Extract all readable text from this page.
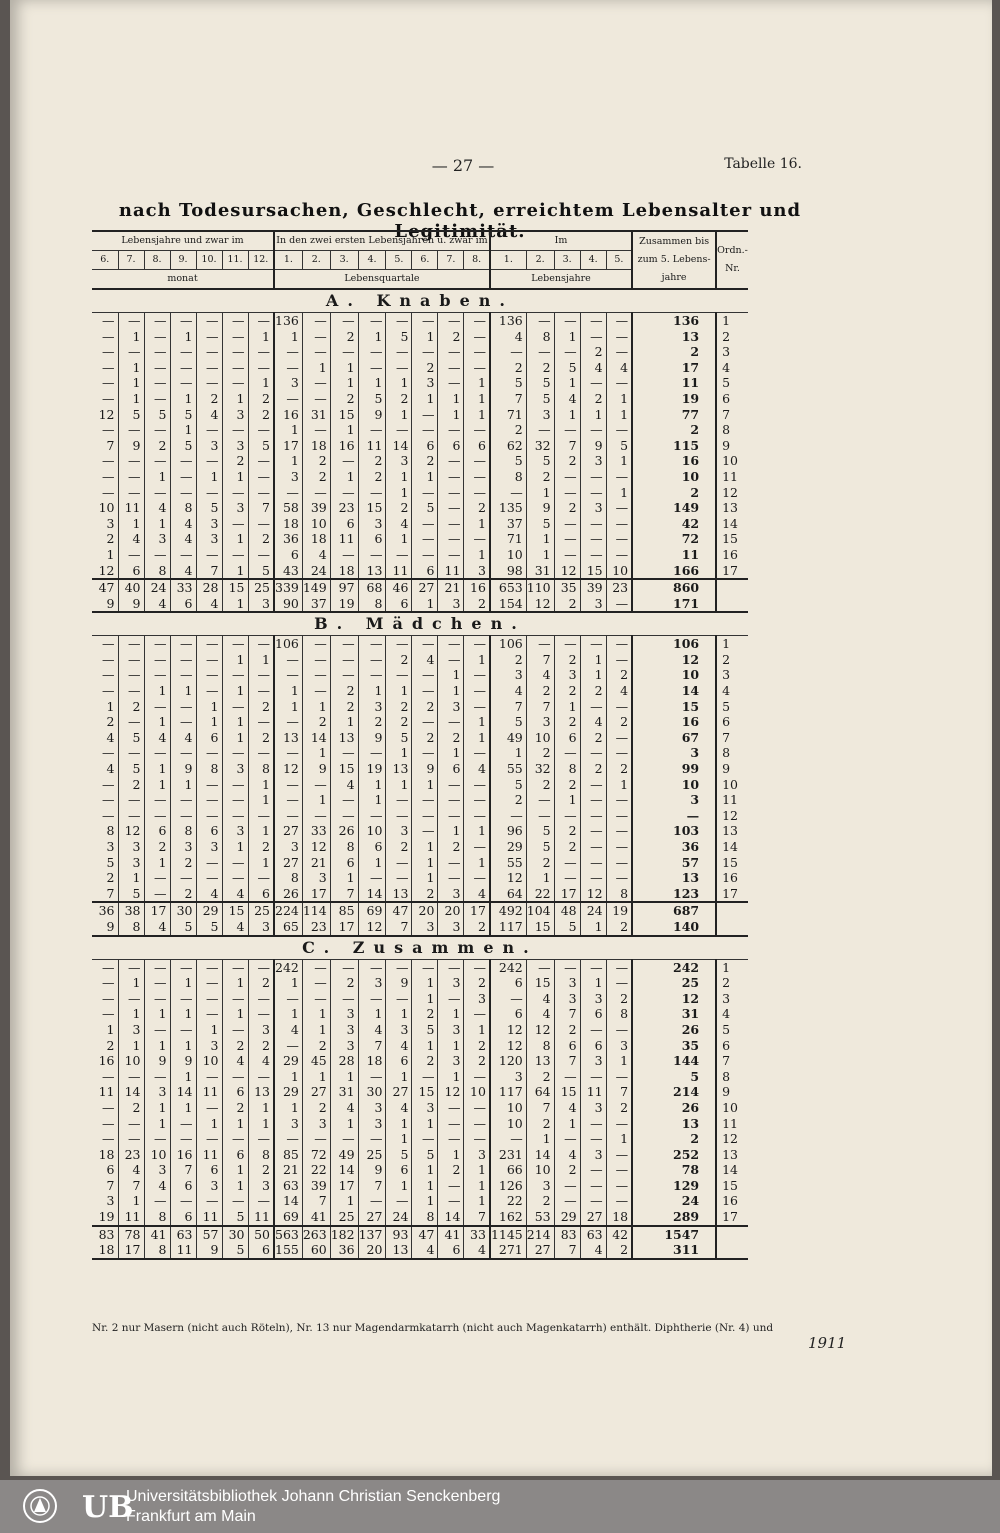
— 27 —	Tabelle 16.
nach Todesursachen, Geschlecht, erreichtem Lebensalter und Legitimität.
Lebensjahre und zwar im							In den zwei ersten Lebensjahren u. zwar im								Im					Zusammen bis zum 5. Lebens-jahre	Ordn.-Nr.
6.	7.	8.	9.	10.	11.	12.	1.	2.	3.	4.	5.	6.	7.	8.	1.	2.	3.	4.	5.		
monat							Lebensquartale								Lebensjahre						
A. Knaben.																					
—	—	—	—	—	—	—	136	—	—	—	—	—	—	—	136	—	—	—	—	136	1
—	1	—	1	—	—	1	1	—	2	1	5	1	2	—	4	8	1	—	—	13	2
—	—	—	—	—	—	—	—	—	—	—	—	—	—	—	—	—	—	2	—	2	3
—	1	—	—	—	—	—	—	1	1	—	—	2	—	—	2	2	5	4	4	17	4
—	1	—	—	—	—	1	3	—	1	1	1	3	—	1	5	5	1	—	—	11	5
—	1	—	1	2	1	2	—	—	2	5	2	1	1	1	7	5	4	2	1	19	6
12	5	5	5	4	3	2	16	31	15	9	1	—	1	1	71	3	1	1	1	77	7
—	—	—	1	—	—	—	1	—	1	—	—	—	—	—	2	—	—	—	—	2	8
7	9	2	5	3	3	5	17	18	16	11	14	6	6	6	62	32	7	9	5	115	9
—	—	—	—	—	2	—	1	2	—	2	3	2	—	—	5	5	2	3	1	16	10
—	—	1	—	1	1	—	3	2	1	2	1	1	—	—	8	2	—	—	—	10	11
—	—	—	—	—	—	—	—	—	—	—	1	—	—	—	—	1	—	—	1	2	12
10	11	4	8	5	3	7	58	39	23	15	2	5	—	2	135	9	2	3	—	149	13
3	1	1	4	3	—	—	18	10	6	3	4	—	—	1	37	5	—	—	—	42	14
2	4	3	4	3	1	2	36	18	11	6	1	—	—	—	71	1	—	—	—	72	15
1	—	—	—	—	—	—	6	4	—	—	—	—	—	1	10	1	—	—	—	11	16
12	6	8	4	7	1	5	43	24	18	13	11	6	11	3	98	31	12	15	10	166	17
47	40	24	33	28	15	25	339	149	97	68	46	27	21	16	653	110	35	39	23	860	
9	9	4	6	4	1	3	90	37	19	8	6	1	3	2	154	12	2	3	—	171	
B. Mädchen.																					
—	—	—	—	—	—	—	106	—	—	—	—	—	—	—	106	—	—	—	—	106	1
—	—	—	—	—	1	1	—	—	—	—	2	4	—	1	2	7	2	1	—	12	2
—	—	—	—	—	—	—	—	—	—	—	—	—	1	—	3	4	3	1	2	10	3
—	—	1	1	—	1	—	1	—	2	1	1	—	1	—	4	2	2	2	4	14	4
1	2	—	—	1	—	2	1	1	2	3	2	2	3	—	7	7	1	—	—	15	5
2	—	1	—	1	1	—	—	2	1	2	2	—	—	1	5	3	2	4	2	16	6
4	5	4	4	6	1	2	13	14	13	9	5	2	2	1	49	10	6	2	—	67	7
—	—	—	—	—	—	—	—	1	—	—	1	—	1	—	1	2	—	—	—	3	8
4	5	1	9	8	3	8	12	9	15	19	13	9	6	4	55	32	8	2	2	99	9
—	2	1	1	—	—	1	—	—	4	1	1	1	—	—	5	2	2	—	1	10	10
—	—	—	—	—	—	1	—	1	—	1	—	—	—	—	2	—	1	—	—	3	11
—	—	—	—	—	—	—	—	—	—	—	—	—	—	—	—	—	—	—	—	—	12
8	12	6	8	6	3	1	27	33	26	10	3	—	1	1	96	5	2	—	—	103	13
3	3	2	3	3	1	2	3	12	8	6	2	1	2	—	29	5	2	—	—	36	14
5	3	1	2	—	—	1	27	21	6	1	—	1	—	1	55	2	—	—	—	57	15
2	1	—	—	—	—	—	8	3	1	—	—	1	—	—	12	1	—	—	—	13	16
7	5	—	2	4	4	6	26	17	7	14	13	2	3	4	64	22	17	12	8	123	17
36	38	17	30	29	15	25	224	114	85	69	47	20	20	17	492	104	48	24	19	687	
9	8	4	5	5	4	3	65	23	17	12	7	3	3	2	117	15	5	1	2	140	
C. Zusammen.																					
—	—	—	—	—	—	—	242	—	—	—	—	—	—	—	242	—	—	—	—	242	1
—	1	—	1	—	1	2	1	—	2	3	9	1	3	2	6	15	3	1	—	25	2
—	—	—	—	—	—	—	—	—	—	—	—	1	—	3	—	4	3	3	2	12	3
—	1	1	1	—	1	—	1	1	3	1	1	2	1	—	6	4	7	6	8	31	4
1	3	—	—	1	—	3	4	1	3	4	3	5	3	1	12	12	2	—	—	26	5
2	1	1	1	3	2	2	—	2	3	7	4	1	1	2	12	8	6	6	3	35	6
16	10	9	9	10	4	4	29	45	28	18	6	2	3	2	120	13	7	3	1	144	7
—	—	—	1	—	—	—	1	1	1	—	1	—	1	—	3	2	—	—	—	5	8
11	14	3	14	11	6	13	29	27	31	30	27	15	12	10	117	64	15	11	7	214	9
—	2	1	1	—	2	1	1	2	4	3	4	3	—	—	10	7	4	3	2	26	10
—	—	1	—	1	1	1	3	3	1	3	1	1	—	—	10	2	1	—	—	13	11
—	—	—	—	—	—	—	—	—	—	—	1	—	—	—	—	1	—	—	1	2	12
18	23	10	16	11	6	8	85	72	49	25	5	5	1	3	231	14	4	3	—	252	13
6	4	3	7	6	1	2	21	22	14	9	6	1	2	1	66	10	2	—	—	78	14
7	7	4	6	3	1	3	63	39	17	7	1	1	—	1	126	3	—	—	—	129	15
3	1	—	—	—	—	—	14	7	1	—	—	1	—	1	22	2	—	—	—	24	16
19	11	8	6	11	5	11	69	41	25	27	24	8	14	7	162	53	29	27	18	289	17
83	78	41	63	57	30	50	563	263	182	137	93	47	41	33	1145	214	83	63	42	1547	
18	17	8	11	9	5	6	155	60	36	20	13	4	6	4	271	27	7	4	2	311	
Nr. 2 nur Masern (nicht auch Röteln), Nr. 13 nur Magendarmkatarrh (nicht auch Magenkatarrh) enthält. Diphtherie (Nr. 4) und
1911
UB
Universitätsbibliothek Johann Christian Senckenberg
Frankfurt am Main
